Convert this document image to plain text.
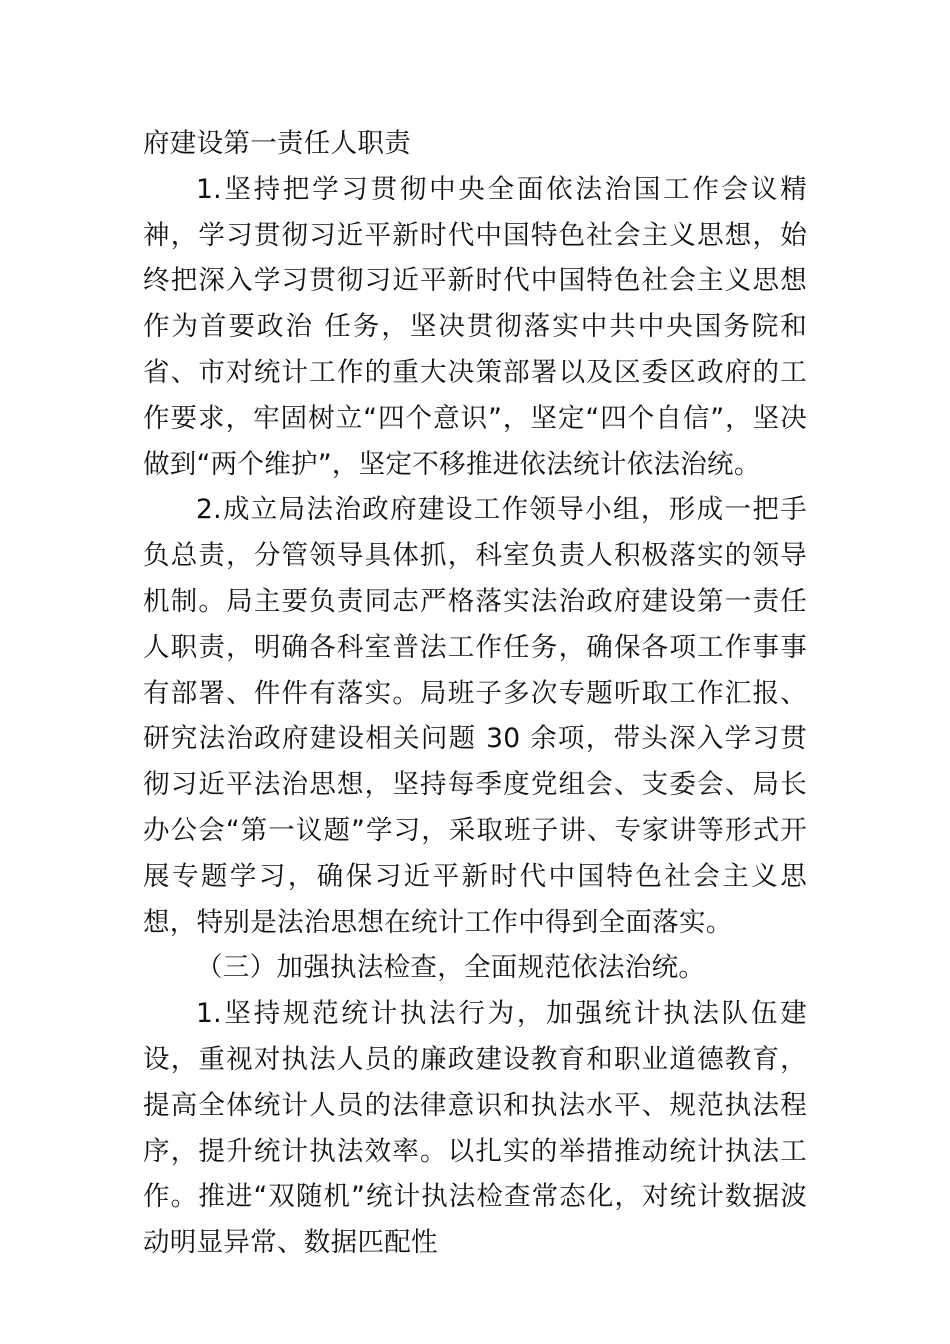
府建设第一责任人职责

1.坚持把学习贯彻中央全面依法治国工作会议精神，学习贯彻习近平新时代中国特色社会主义思想，始终把深入学习贯彻习近平新时代中国特色社会主义思想作为首要政治 任务，坚决贯彻落实中共中央国务院和省、市对统计工作的重大决策部署以及区委区政府的工作要求，牢固树立“四个意识”，坚定“四个自信”，坚决做到“两个维护”，坚定不移推进依法统计依法治统。

2.成立局法治政府建设工作领导小组，形成一把手负总责，分管领导具体抓，科室负责人积极落实的领导机制。局主要负责同志严格落实法治政府建设第一责任人职责，明确各科室普法工作任务，确保各项工作事事有部署、件件有落实。局班子多次专题听取工作汇报、研究法治政府建设相关问题 30 余项，带头深入学习贯彻习近平法治思想，坚持每季度党组会、支委会、局长办公会“第一议题”学习，采取班子讲、专家讲等形式开展专题学习，确保习近平新时代中国特色社会主义思想，特别是法治思想在统计工作中得到全面落实。

（三）加强执法检查，全面规范依法治统。

1.坚持规范统计执法行为，加强统计执法队伍建设，重视对执法人员的廉政建设教育和职业道德教育，提高全体统计人员的法律意识和执法水平、规范执法程序，提升统计执法效率。以扎实的举措推动统计执法工作。推进“双随机”统计执法检查常态化，对统计数据波动明显异常、数据匹配性
